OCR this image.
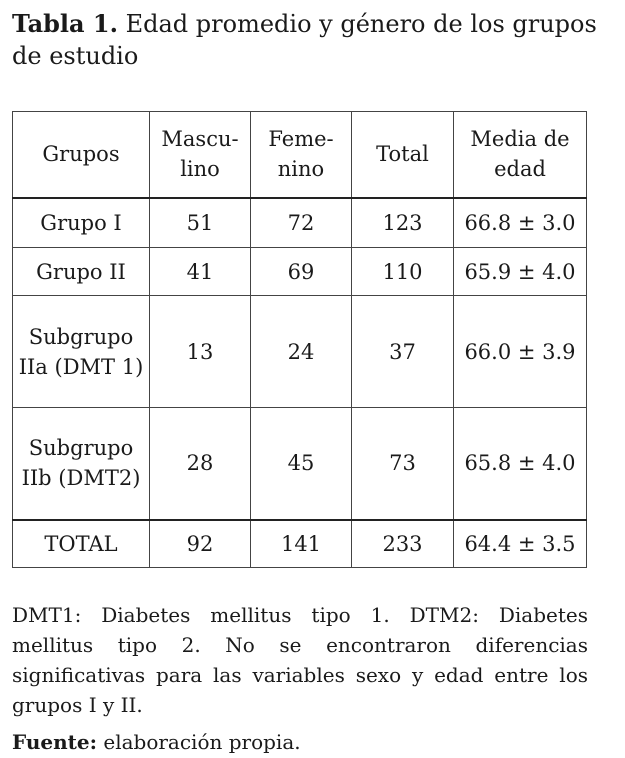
Tabla 1. Edad promedio y género de los grupos de estudio
Grupos	Mascu-lino	Feme-nino	Total	Media de edad
Grupo I	51	72	123	66.8 ± 3.0
Grupo II	41	69	110	65.9 ± 4.0
Subgrupo IIa (DMT 1)	13	24	37	66.0 ± 3.9
Subgrupo IIb (DMT2)	28	45	73	65.8 ± 4.0
TOTAL	92	141	233	64.4 ± 3.5
DMT1: Diabetes mellitus tipo 1. DTM2: Diabetes mellitus tipo 2. No se encontraron diferencias significativas para las variables sexo y edad entre los grupos I y II.
Fuente: elaboración propia.
